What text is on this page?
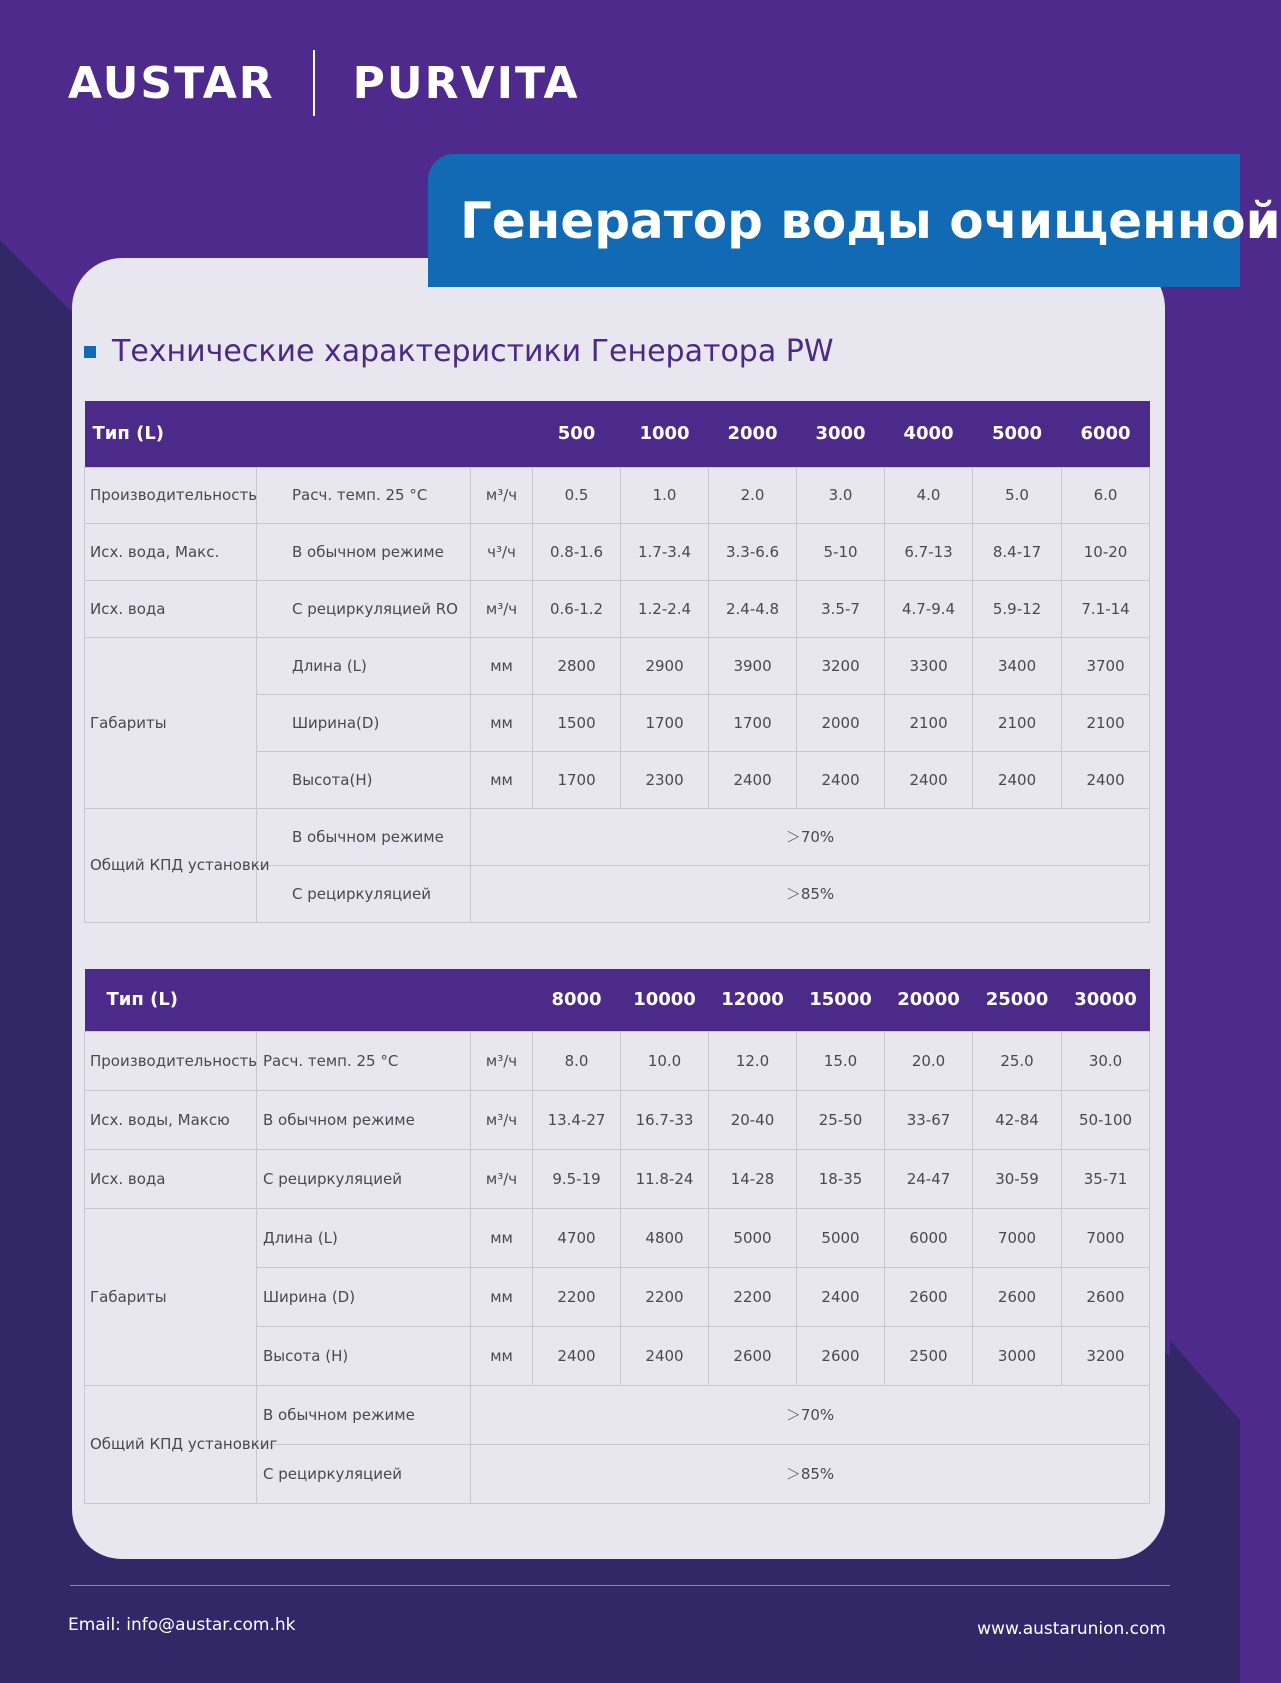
AUSTAR PURVITA
Генератор воды очищенной
Технические характеристики Генератора PW
Тип (L)			500	1000	2000	3000	4000	5000	6000
Производительность	Расч. темп. 25 °C	м³/ч	0.5	1.0	2.0	3.0	4.0	5.0	6.0
Исх. вода, Макс.	В обычном режиме	ч³/ч	0.8-1.6	1.7-3.4	3.3-6.6	5-10	6.7-13	8.4-17	10-20
Исх. вода	С рециркуляцией RO	м³/ч	0.6-1.2	1.2-2.4	2.4-4.8	3.5-7	4.7-9.4	5.9-12	7.1-14
Габариты	Длина (L)	мм	2800	2900	3900	3200	3300	3400	3700
	Ширина(D)	мм	1500	1700	1700	2000	2100	2100	2100
	Высота(H)	мм	1700	2300	2400	2400	2400	2400	2400
Общий КПД установки	В обычном режиме	＞70%							
	С рециркуляцией	＞85%							
Тип (L)			8000	10000	12000	15000	20000	25000	30000
Производительность	Расч. темп. 25 °C	м³/ч	8.0	10.0	12.0	15.0	20.0	25.0	30.0
Исх. воды, Максю	В обычном режиме	м³/ч	13.4-27	16.7-33	20-40	25-50	33-67	42-84	50-100
Исх. вода	С рециркуляцией	м³/ч	9.5-19	11.8-24	14-28	18-35	24-47	30-59	35-71
Габариты	Длина (L)	мм	4700	4800	5000	5000	6000	7000	7000
	Ширина (D)	мм	2200	2200	2200	2400	2600	2600	2600
	Высота (H)	мм	2400	2400	2600	2600	2500	3000	3200
Общий КПД установкиг	В обычном режиме	＞70%							
	С рециркуляцией	＞85%							
Email: info@austar.com.hk	www.austarunion.com
